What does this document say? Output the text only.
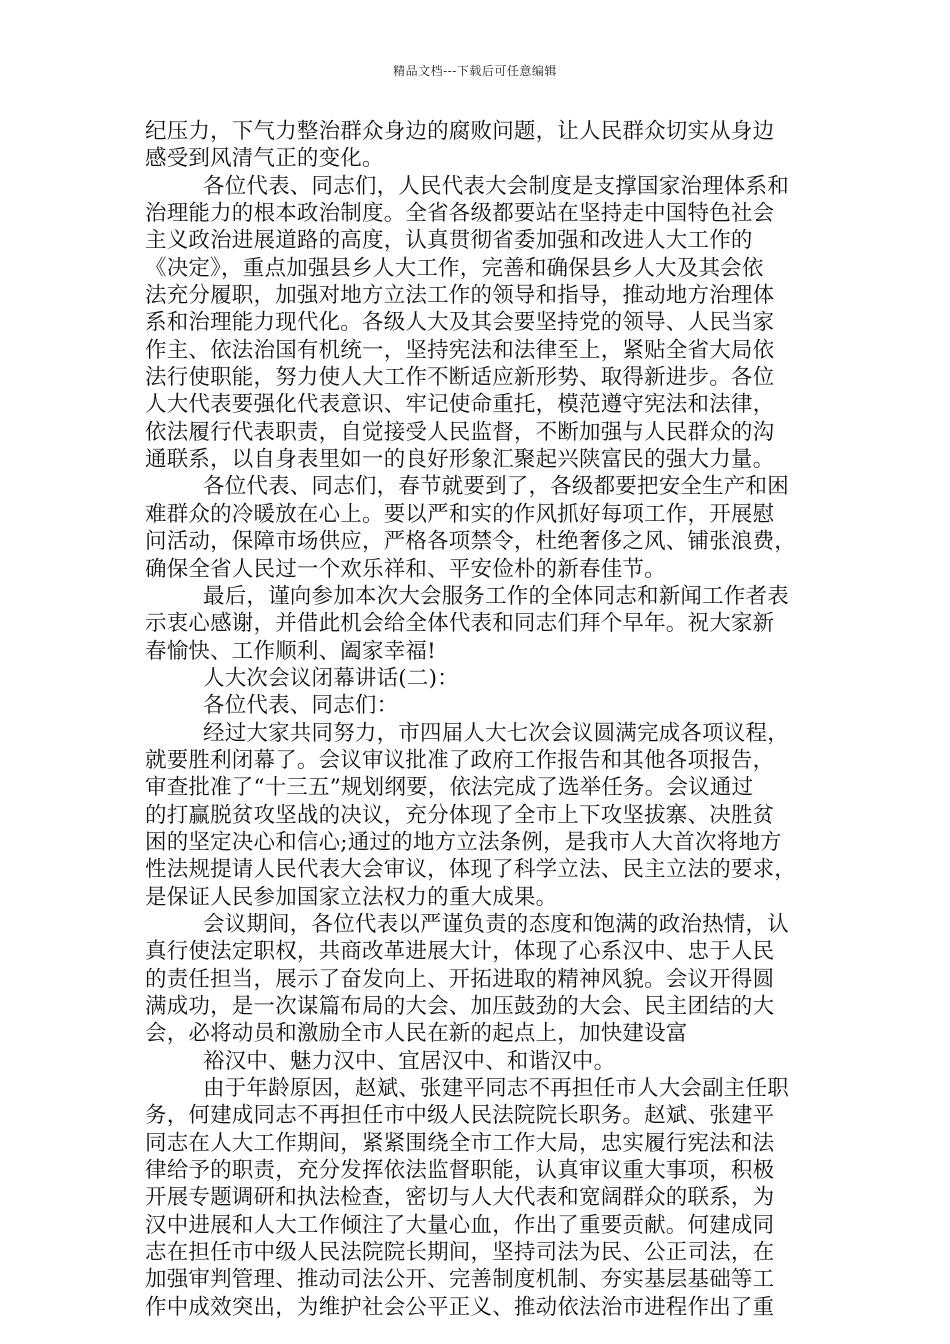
精品文档---下载后可任意编辑
纪压力，下气力整治群众身边的腐败问题，让人民群众切实从身边
感受到风清气正的变化。
各位代表、同志们，人民代表大会制度是支撑国家治理体系和
治理能力的根本政治制度。全省各级都要站在坚持走中国特色社会
主义政治进展道路的高度，认真贯彻省委加强和改进人大工作的
《决定》，重点加强县乡人大工作，完善和确保县乡人大及其会依
法充分履职，加强对地方立法工作的领导和指导，推动地方治理体
系和治理能力现代化。各级人大及其会要坚持党的领导、人民当家
作主、依法治国有机统一，坚持宪法和法律至上，紧贴全省大局依
法行使职能，努力使人大工作不断适应新形势、取得新进步。各位
人大代表要强化代表意识、牢记使命重托，模范遵守宪法和法律，
依法履行代表职责，自觉接受人民监督，不断加强与人民群众的沟
通联系，以自身表里如一的良好形象汇聚起兴陕富民的强大力量。
各位代表、同志们，春节就要到了，各级都要把安全生产和困
难群众的冷暖放在心上。要以严和实的作风抓好每项工作，开展慰
问活动，保障市场供应，严格各项禁令，杜绝奢侈之风、铺张浪费，
确保全省人民过一个欢乐祥和、平安俭朴的新春佳节。
最后，谨向参加本次大会服务工作的全体同志和新闻工作者表
示衷心感谢，并借此机会给全体代表和同志们拜个早年。祝大家新
春愉快、工作顺利、阖家幸福!
人大次会议闭幕讲话(二)：
各位代表、同志们：
经过大家共同努力，市四届人大七次会议圆满完成各项议程，
就要胜利闭幕了。会议审议批准了政府工作报告和其他各项报告，
审查批准了“十三五”规划纲要，依法完成了选举任务。会议通过
的打赢脱贫攻坚战的决议，充分体现了全市上下攻坚拔寨、决胜贫
困的坚定决心和信心;通过的地方立法条例，是我市人大首次将地方
性法规提请人民代表大会审议，体现了科学立法、民主立法的要求，
是保证人民参加国家立法权力的重大成果。
会议期间，各位代表以严谨负责的态度和饱满的政治热情，认
真行使法定职权，共商改革进展大计，体现了心系汉中、忠于人民
的责任担当，展示了奋发向上、开拓进取的精神风貌。会议开得圆
满成功，是一次谋篇布局的大会、加压鼓劲的大会、民主团结的大
会，必将动员和激励全市人民在新的起点上，加快建设富
裕汉中、魅力汉中、宜居汉中、和谐汉中。
由于年龄原因，赵斌、张建平同志不再担任市人大会副主任职
务，何建成同志不再担任市中级人民法院院长职务。赵斌、张建平
同志在人大工作期间，紧紧围绕全市工作大局，忠实履行宪法和法
律给予的职责，充分发挥依法监督职能，认真审议重大事项，积极
开展专题调研和执法检查，密切与人大代表和宽阔群众的联系，为
汉中进展和人大工作倾注了大量心血，作出了重要贡献。何建成同
志在担任市中级人民法院院长期间，坚持司法为民、公正司法，在
加强审判管理、推动司法公开、完善制度机制、夯实基层基础等工
作中成效突出，为维护社会公平正义、推动依法治市进程作出了重
